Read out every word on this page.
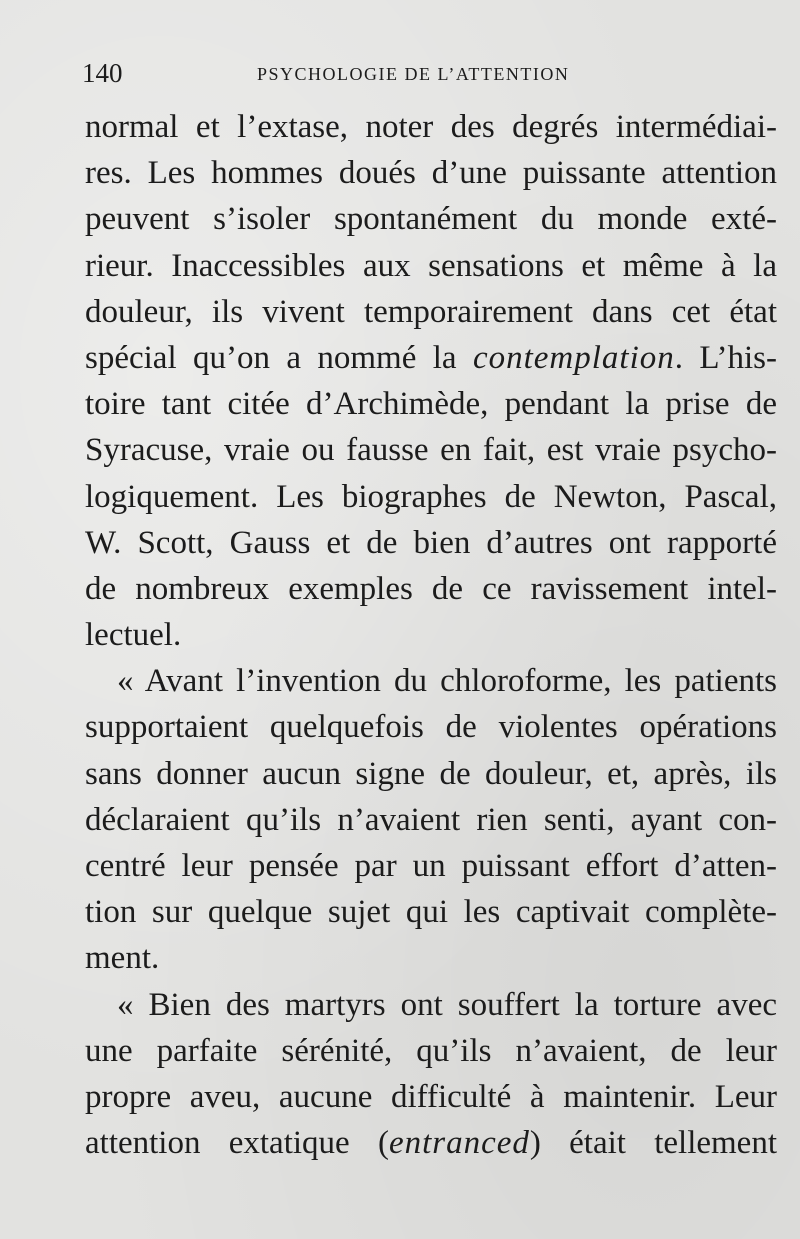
140	PSYCHOLOGIE DE L’ATTENTION
normal et l’extase, noter des degrés intermédiai-
res. Les hommes doués d’une puissante attention
peuvent s’isoler spontanément du monde exté-
rieur. Inaccessibles aux sensations et même à la
douleur, ils vivent temporairement dans cet état
spécial qu’on a nommé la contemplation. L’his-
toire tant citée d’Archimède, pendant la prise de
Syracuse, vraie ou fausse en fait, est vraie psycho-
logiquement. Les biographes de Newton, Pascal,
W. Scott, Gauss et de bien d’autres ont rapporté
de nombreux exemples de ce ravissement intel-
lectuel.
« Avant l’invention du chloroforme, les patients
supportaient quelquefois de violentes opérations
sans donner aucun signe de douleur, et, après, ils
déclaraient qu’ils n’avaient rien senti, ayant con-
centré leur pensée par un puissant effort d’atten-
tion sur quelque sujet qui les captivait complète-
ment.
« Bien des martyrs ont souffert la torture avec
une parfaite sérénité, qu’ils n’avaient, de leur
propre aveu, aucune difficulté à maintenir. Leur
attention extatique (entranced) était tellement
